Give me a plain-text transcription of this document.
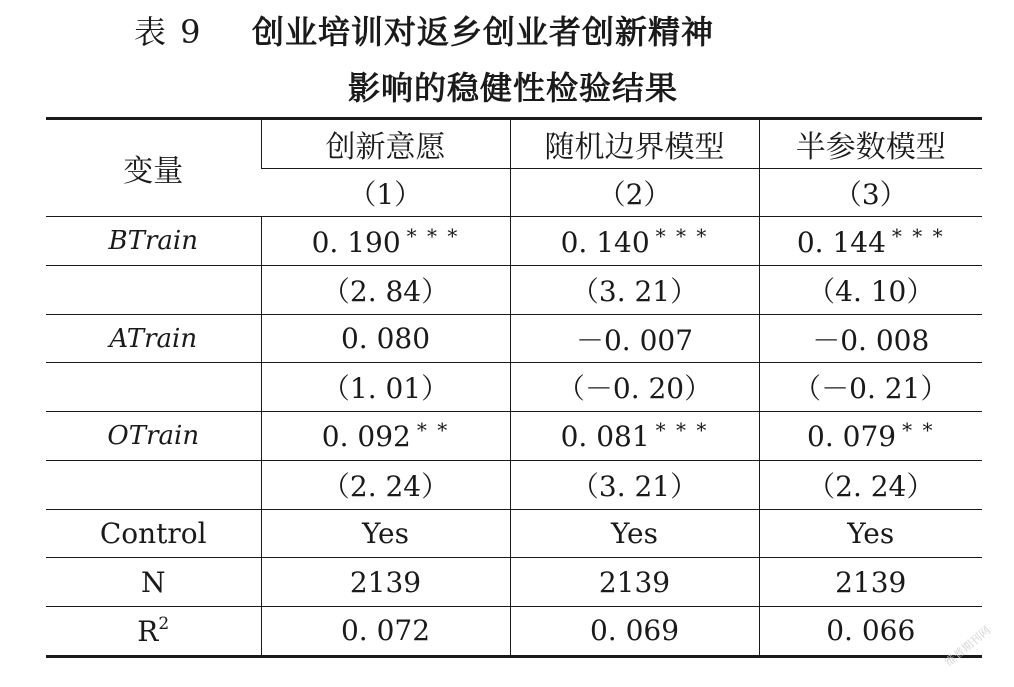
表 9 创业培训对返乡创业者创新精神
影响的稳健性检验结果
变量	创新意愿	随机边界模型	半参数模型
	（1）	（2）	（3）
BTrain	0. 190 * * *	0. 140 * * *	0. 144 * * *
	（2. 84）	（3. 21）	（4. 10）
ATrain	0. 080	－0. 007	－0. 008
	（1. 01）	（－0. 20）	（－0. 21）
OTrain	0. 092 * *	0. 081 * * *	0. 079 * *
	（2. 24）	（3. 21）	（2. 24）
Control	Yes	Yes	Yes
N	2139	2139	2139
$R^2$	0. 072	0. 069	0. 066 维普期刊网
